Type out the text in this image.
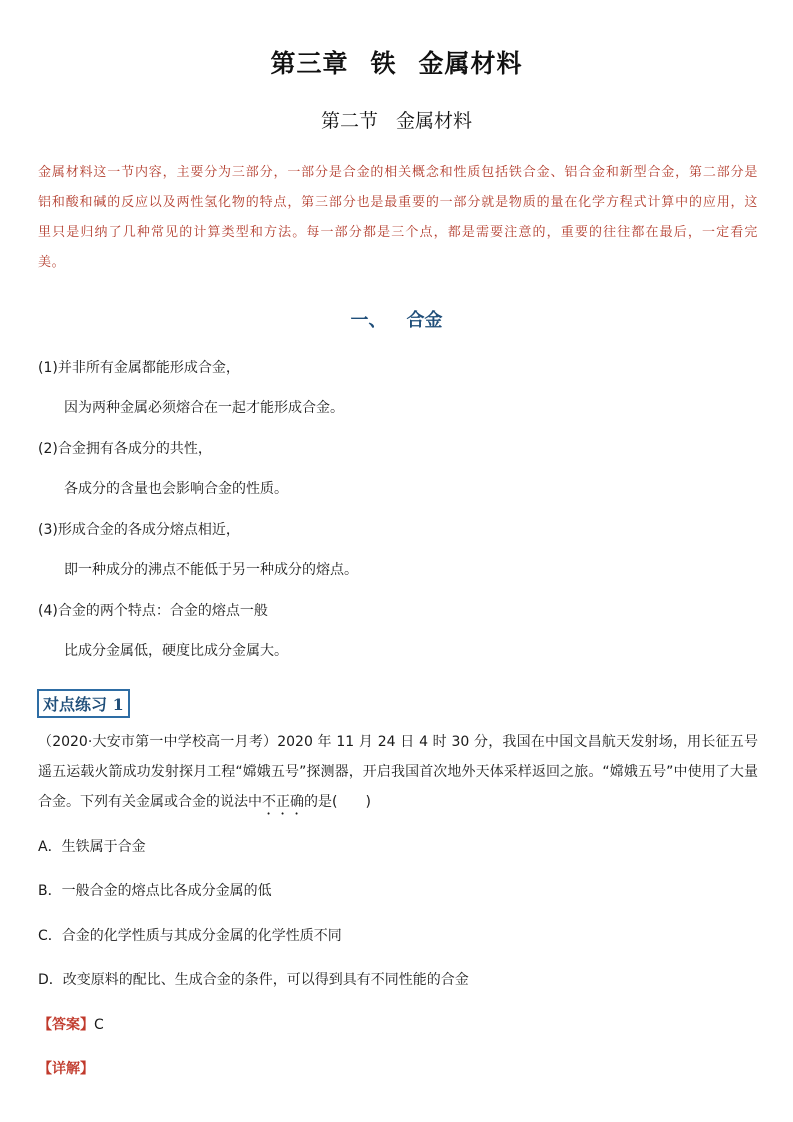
第三章 铁 金属材料
第二节 金属材料
金属材料这一节内容，主要分为三部分，一部分是合金的相关概念和性质包括铁合金、铝合金和新型合金，第二部分是铝和酸和碱的反应以及两性氢化物的特点，第三部分也是最重要的一部分就是物质的量在化学方程式计算中的应用，这里只是归纳了几种常见的计算类型和方法。每一部分都是三个点，都是需要注意的，重要的往往都在最后，一定看完美。
一、 合金
(1)并非所有金属都能形成合金，
因为两种金属必须熔合在一起才能形成合金。
(2)合金拥有各成分的共性，
各成分的含量也会影响合金的性质。
(3)形成合金的各成分熔点相近，
即一种成分的沸点不能低于另一种成分的熔点。
(4)合金的两个特点：合金的熔点一般
比成分金属低，硬度比成分金属大。
对点练习 1
（2020·大安市第一中学校高一月考）2020 年 11 月 24 日 4 时 30 分，我国在中国文昌航天发射场，用长征五号遥五运载火箭成功发射探月工程“嫦娥五号”探测器，开启我国首次地外天体采样返回之旅。“嫦娥五号”中使用了大量合金。下列有关金属或合金的说法中不正确的是(　　)
A．生铁属于合金
B．一般合金的熔点比各成分金属的低
C．合金的化学性质与其成分金属的化学性质不同
D．改变原料的配比、生成合金的条件，可以得到具有不同性能的合金
【答案】C
【详解】
